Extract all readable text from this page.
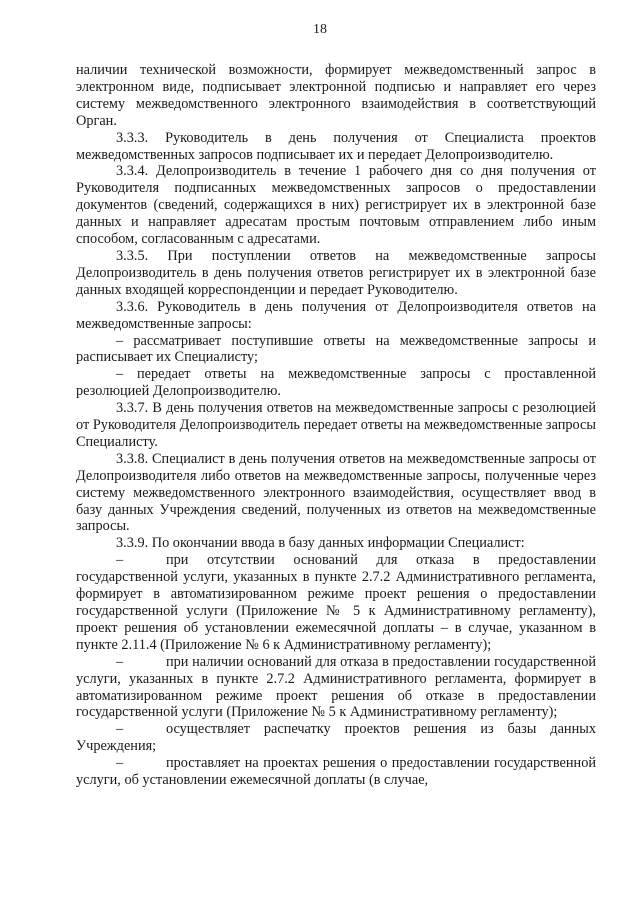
18

наличии технической возможности, формирует межведомственный запрос в электронном виде, подписывает электронной подписью и направляет его через систему межведомственного электронного взаимодействия в соответствующий Орган.

3.3.3. Руководитель в день получения от Специалиста проектов межведомственных запросов подписывает их и передает Делопроизводителю.

3.3.4. Делопроизводитель в течение 1 рабочего дня со дня получения от Руководителя подписанных межведомственных запросов о предоставлении документов (сведений, содержащихся в них) регистрирует их в электронной базе данных и направляет адресатам простым почтовым отправлением либо иным способом, согласованным с адресатами.

3.3.5. При поступлении ответов на межведомственные запросы Делопроизводитель в день получения ответов регистрирует их в электронной базе данных входящей корреспонденции и передает Руководителю.

3.3.6. Руководитель в день получения от Делопроизводителя ответов на межведомственные запросы:

– рассматривает поступившие ответы на межведомственные запросы и расписывает их Специалисту;

– передает ответы на межведомственные запросы с проставленной резолюцией Делопроизводителю.

3.3.7. В день получения ответов на межведомственные запросы с резолюцией от Руководителя Делопроизводитель передает ответы на межведомственные запросы Специалисту.

3.3.8. Специалист в день получения ответов на межведомственные запросы от Делопроизводителя либо ответов на межведомственные запросы, полученные через систему межведомственного электронного взаимодействия, осуществляет ввод в базу данных Учреждения сведений, полученных из ответов на межведомственные запросы.

3.3.9. По окончании ввода в базу данных информации Специалист:

–	при отсутствии оснований для отказа в предоставлении государственной услуги, указанных в пункте 2.7.2 Административного регламента, формирует в автоматизированном режиме проект решения о предоставлении государственной услуги (Приложение № 5 к Административному регламенту), проект решения об установлении ежемесячной доплаты – в случае, указанном в пункте 2.11.4 (Приложение № 6 к Административному регламенту);

–	при наличии оснований для отказа в предоставлении государственной услуги, указанных в пункте 2.7.2 Административного регламента, формирует в автоматизированном режиме проект решения об отказе в предоставлении государственной услуги (Приложение № 5 к Административному регламенту);

–	осуществляет распечатку проектов решения из базы данных Учреждения;

–	проставляет на проектах решения о предоставлении государственной услуги, об установлении ежемесячной доплаты (в случае,
